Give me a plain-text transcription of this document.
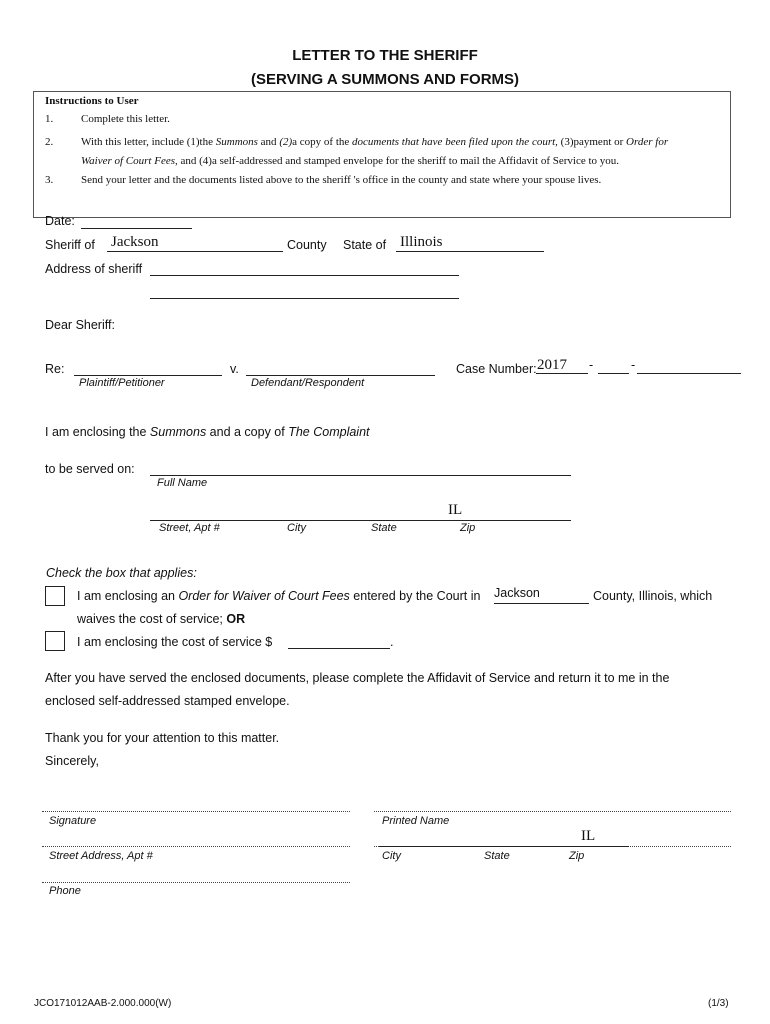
LETTER TO THE SHERIFF
(SERVING A SUMMONS AND FORMS)
Instructions to User
1.	Complete this letter.
2.	With this letter, include (1)the Summons and (2)a copy of the documents that have been filed upon the court, (3)payment or Order for
Waiver of Court Fees, and (4)a self-addressed and stamped envelope for the sheriff to mail the Affidavit of Service to you.
3.	Send your letter and the documents listed above to the sheriff 's office in the county and state where your spouse lives.
Date:
Sheriff of Jackson	County State of Illinois
Address of sheriff
Dear Sheriff:
Re:	v.
Plaintiff/Petitioner	Defendant/Respondent
Case Number: 2017 -	-
I am enclosing the Summons and a copy of The Complaint
to be served on:
Full Name
IL
Street, Apt #	City	State	Zip
Check the box that applies:
I am enclosing an Order for Waiver of Court Fees entered by the Court in Jackson	County, Illinois, which
waives the cost of service; OR
I am enclosing the cost of service $	.
After you have served the enclosed documents, please complete the Affidavit of Service and return it to me in the
enclosed self-addressed stamped envelope.
Thank you for your attention to this matter.
Sincerely,
Signature	Printed Name
Street Address, Apt #
IL
City	State	Zip
Phone
JCO171012AAB-2.000.000(W)	(1/3)
